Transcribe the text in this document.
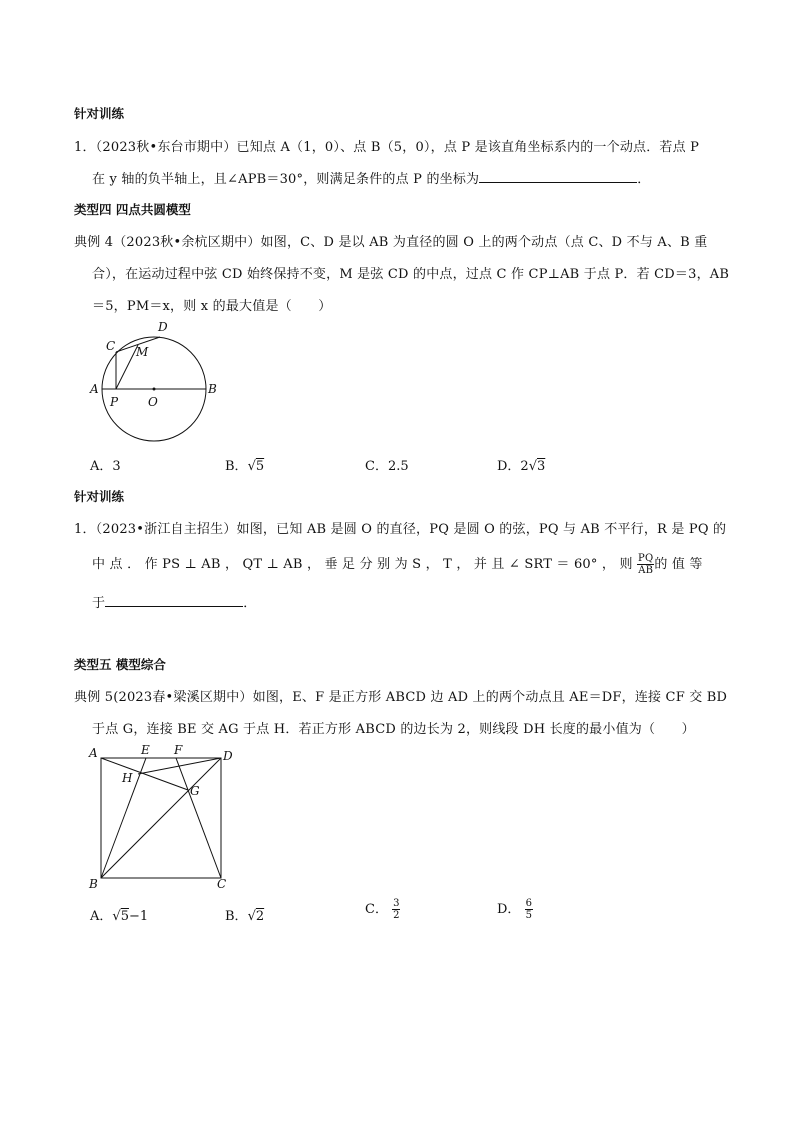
针对训练
1．（2023秋•东台市期中）已知点 A（1，0）、点 B（5，0），点 P 是该直角坐标系内的一个动点．若点 P
在 y 轴的负半轴上，且∠APB＝30°，则满足条件的点 P 的坐标为	．
类型四 四点共圆模型
典例 4（2023秋•余杭区期中）如图，C、D 是以 AB 为直径的圆 O 上的两个动点（点 C、D 不与 A、B 重
合），在运动过程中弦 CD 始终保持不变，M 是弦 CD 的中点，过点 C 作 CP⊥AB 于点 P．若 CD＝3，AB
＝5，PM＝x，则 x 的最大值是（　　）
A	B
C
D
M
P O
A．3	B．√5	C．2.5	D．2√3
针对训练
1．（2023•浙江自主招生）如图，已知 AB 是圆 O 的直径，PQ 是圆 O 的弦，PQ 与 AB 不平行，R 是 PQ 的
中 点 ． 作 PS ⊥ AB ， QT ⊥ AB ， 垂 足 分 别 为 S ， T ， 并 且 ∠ SRT ＝ 60° ， 则 $\frac{PQ}{AB}$ 的 值 等
于	．
类型五 模型综合
典例 5(2023春•梁溪区期中）如图，E、F 是正方形 ABCD 边 AD 上的两个动点且 AE＝DF，连接 CF 交 BD
于点 G，连接 BE 交 AG 于点 H．若正方形 ABCD 的边长为 2，则线段 DH 长度的最小值为（　　）
A	D
B	C
E F
G
H
A．√5−1	B．√2	C． $\frac{3}{2}$	D． $\frac{6}{5}$
